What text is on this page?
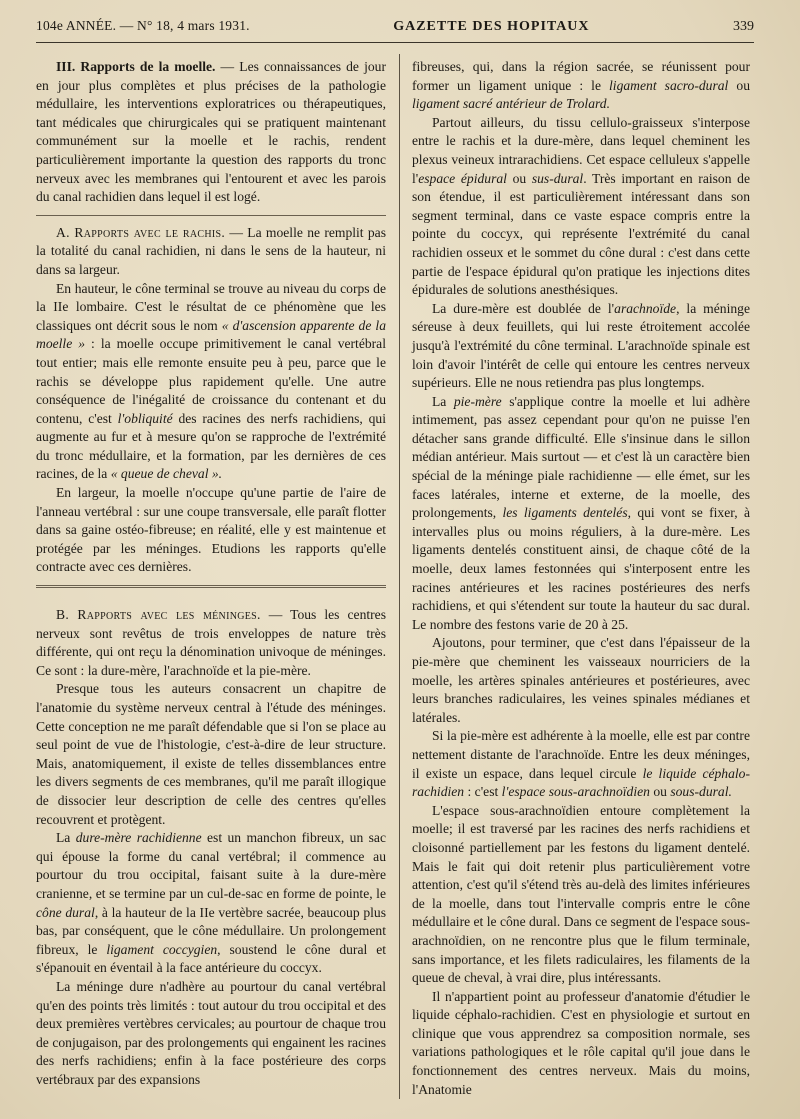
104e ANNÉE. — N° 18, 4 mars 1931.	GAZETTE DES HOPITAUX	339

III. Rapports de la moelle. — Les connaissances de jour en jour plus complètes et plus précises de la pathologie médullaire, les interventions exploratrices ou thérapeutiques, tant médicales que chirurgicales qui se pratiquent maintenant communément sur la moelle et le rachis, rendent particulièrement importante la question des rapports du tronc nerveux avec les membranes qui l'entourent et avec les parois du canal rachidien dans lequel il est logé.

A. Rapports avec le rachis. — La moelle ne remplit pas la totalité du canal rachidien, ni dans le sens de la hauteur, ni dans sa largeur.

En hauteur, le cône terminal se trouve au niveau du corps de la IIe lombaire. C'est le résultat de ce phénomène que les classiques ont décrit sous le nom « d'ascension apparente de la moelle » : la moelle occupe primitivement le canal vertébral tout entier; mais elle remonte ensuite peu à peu, parce que le rachis se développe plus rapidement qu'elle. Une autre conséquence de l'inégalité de croissance du contenant et du contenu, c'est l'obliquité des racines des nerfs rachidiens, qui augmente au fur et à mesure qu'on se rapproche de l'extrémité du tronc médullaire, et la formation, par les dernières de ces racines, de la « queue de cheval ».

En largeur, la moelle n'occupe qu'une partie de l'aire de l'anneau vertébral : sur une coupe transversale, elle paraît flotter dans sa gaine ostéo-fibreuse; en réalité, elle y est maintenue et protégée par les méninges. Etudions les rapports qu'elle contracte avec ces dernières.

B. Rapports avec les méninges. — Tous les centres nerveux sont revêtus de trois enveloppes de nature très différente, qui ont reçu la dénomination univoque de méninges. Ce sont : la dure-mère, l'arachnoïde et la pie-mère.

Presque tous les auteurs consacrent un chapitre de l'anatomie du système nerveux central à l'étude des méninges. Cette conception ne me paraît défendable que si l'on se place au seul point de vue de l'histologie, c'est-à-dire de leur structure. Mais, anatomiquement, il existe de telles dissemblances entre les divers segments de ces membranes, qu'il me paraît illogique de dissocier leur description de celle des centres qu'elles recouvrent et protègent.

La dure-mère rachidienne est un manchon fibreux, un sac qui épouse la forme du canal vertébral; il commence au pourtour du trou occipital, faisant suite à la dure-mère cranienne, et se termine par un cul-de-sac en forme de pointe, le cône dural, à la hauteur de la IIe vertèbre sacrée, beaucoup plus bas, par conséquent, que le cône médullaire. Un prolongement fibreux, le ligament coccygien, soustend le cône dural et s'épanouit en éventail à la face antérieure du coccyx.

La méninge dure n'adhère au pourtour du canal vertébral qu'en des points très limités : tout autour du trou occipital et des deux premières vertèbres cervicales; au pourtour de chaque trou de conjugaison, par des prolongements qui engainent les racines des nerfs rachidiens; enfin à la face postérieure des corps vertébraux par des expansions

fibreuses, qui, dans la région sacrée, se réunissent pour former un ligament unique : le ligament sacro-dural ou ligament sacré antérieur de Trolard.

Partout ailleurs, du tissu cellulo-graisseux s'interpose entre le rachis et la dure-mère, dans lequel cheminent les plexus veineux intrarachidiens. Cet espace celluleux s'appelle l'espace épidural ou sus-dural. Très important en raison de son étendue, il est particulièrement intéressant dans son segment terminal, dans ce vaste espace compris entre la pointe du coccyx, qui représente l'extrémité du canal rachidien osseux et le sommet du cône dural : c'est dans cette partie de l'espace épidural qu'on pratique les injections dites épidurales de solutions anesthésiques.

La dure-mère est doublée de l'arachnoïde, la méninge séreuse à deux feuillets, qui lui reste étroitement accolée jusqu'à l'extrémité du cône terminal. L'arachnoïde spinale est loin d'avoir l'intérêt de celle qui entoure les centres nerveux supérieurs. Elle ne nous retiendra pas plus longtemps.

La pie-mère s'applique contre la moelle et lui adhère intimement, pas assez cependant pour qu'on ne puisse l'en détacher sans grande difficulté. Elle s'insinue dans le sillon médian antérieur. Mais surtout — et c'est là un caractère bien spécial de la méninge piale rachidienne — elle émet, sur les faces latérales, interne et externe, de la moelle, des prolongements, les ligaments dentelés, qui vont se fixer, à intervalles plus ou moins réguliers, à la dure-mère. Les ligaments dentelés constituent ainsi, de chaque côté de la moelle, deux lames festonnées qui s'interposent entre les racines antérieures et les racines postérieures des nerfs rachidiens, et qui s'étendent sur toute la hauteur du sac dural. Le nombre des festons varie de 20 à 25.

Ajoutons, pour terminer, que c'est dans l'épaisseur de la pie-mère que cheminent les vaisseaux nourriciers de la moelle, les artères spinales antérieures et postérieures, avec leurs branches radiculaires, les veines spinales médianes et latérales.

Si la pie-mère est adhérente à la moelle, elle est par contre nettement distante de l'arachnoïde. Entre les deux méninges, il existe un espace, dans lequel circule le liquide céphalo-rachidien : c'est l'espace sous-arachnoïdien ou sous-dural.

L'espace sous-arachnoïdien entoure complètement la moelle; il est traversé par les racines des nerfs rachidiens et cloisonné partiellement par les festons du ligament dentelé. Mais le fait qui doit retenir plus particulièrement votre attention, c'est qu'il s'étend très au-delà des limites inférieures de la moelle, dans tout l'intervalle compris entre le cône médullaire et le cône dural. Dans ce segment de l'espace sous-arachnoïdien, on ne rencontre plus que le filum terminale, sans importance, et les filets radiculaires, les filaments de la queue de cheval, à vrai dire, plus intéressants.

Il n'appartient point au professeur d'anatomie d'étudier le liquide céphalo-rachidien. C'est en physiologie et surtout en clinique que vous apprendrez sa composition normale, ses variations pathologiques et le rôle capital qu'il joue dans le fonctionnement des centres nerveux. Mais du moins, l'Anatomie
